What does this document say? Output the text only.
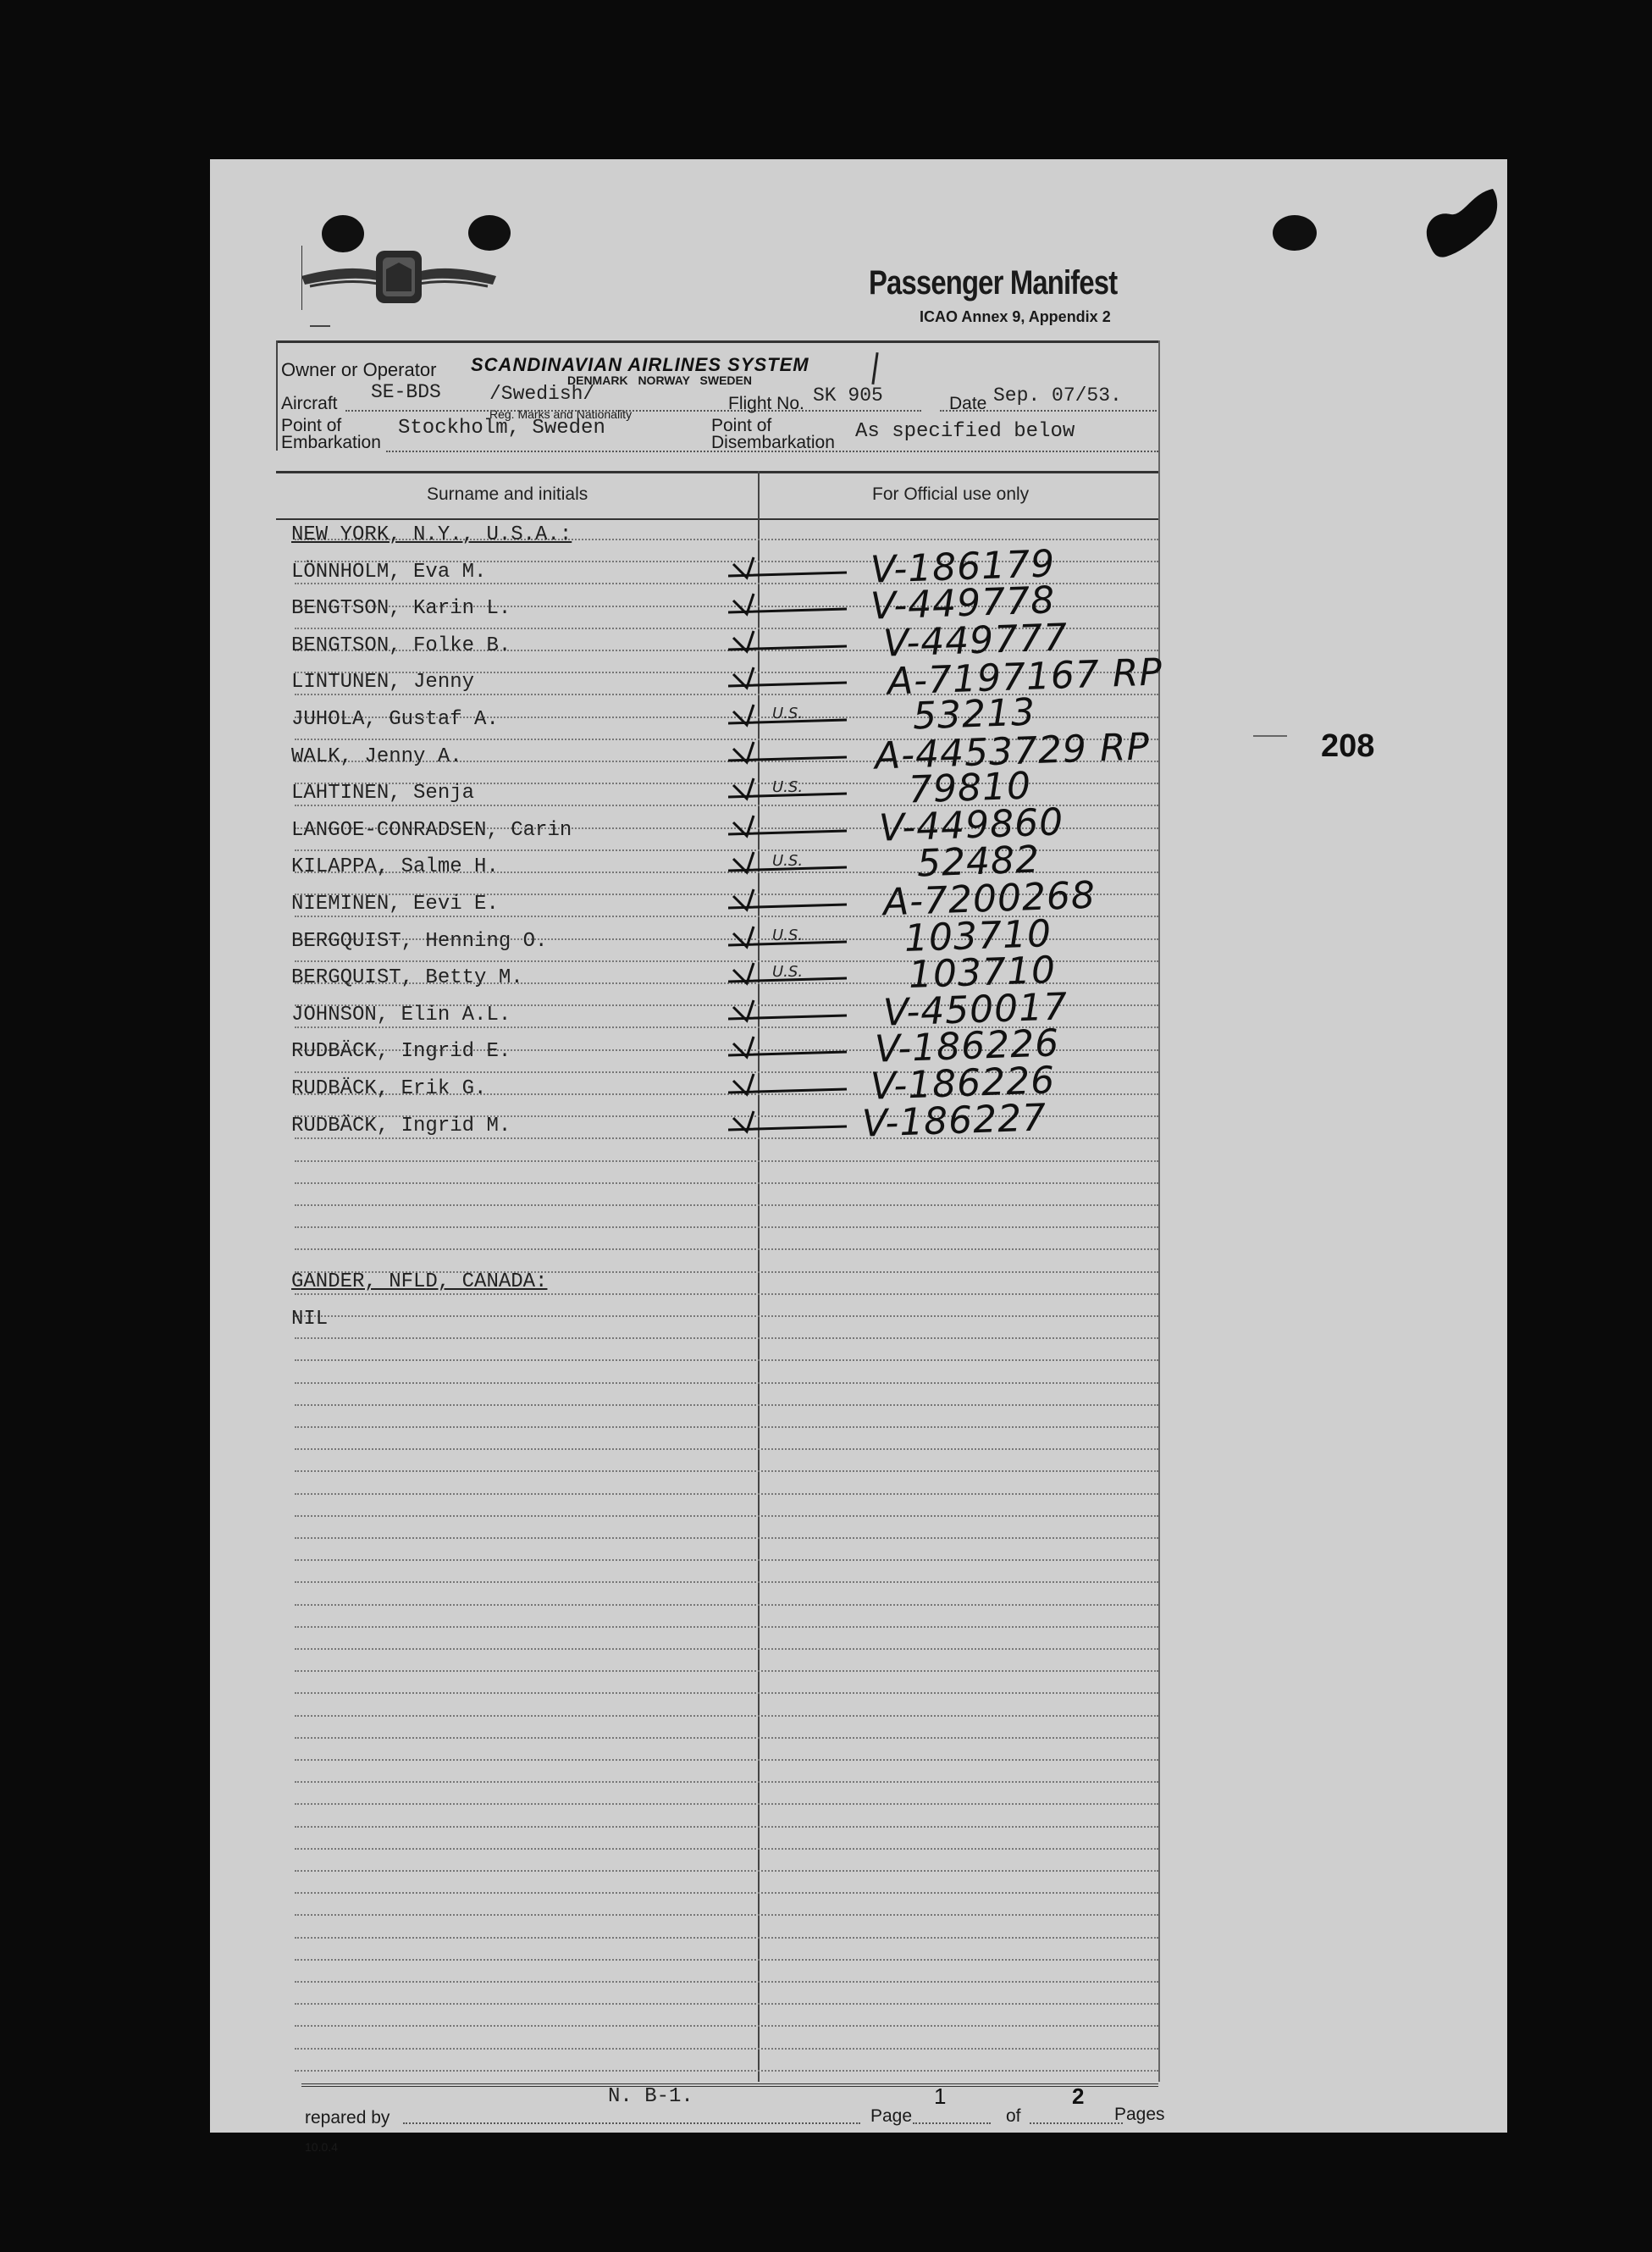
Passenger Manifest
ICAO Annex 9, Appendix 2
Owner or Operator SCANDINAVIAN AIRLINES SYSTEM
DENMARK NORWAY SWEDEN
Aircraft
SE-BDS /Swedish/
Reg. Marks and Nationality
Flight No. SK 905	Date Sep. 07/53.
Point of
Embarkation
Stockholm, Sweden	Point of
Disembarkation As specified below
Surname and initials	For Official use only
NEW YORK, N.Y., U.S.A.:
LÖNNHOLM, Eva M.	V-186179
BENGTSON, Karin L.	V-449778
BENGTSON, Folke B.	V-449777
LINTUNEN, Jenny	A-7197167 RP
JUHOLA, Gustaf A.	U.S.	53213
WALK, Jenny A.	A-4453729 RP
LAHTINEN, Senja	U.S.	79810
LANGOE-CONRADSEN, Carin	V-449860
KILAPPA, Salme H.	U.S.	52482
NIEMINEN, Eevi E.	A-7200268
BERGQUIST, Henning O.	U.S.	103710
BERGQUIST, Betty M.	U.S.	103710
JOHNSON, Elin A.L.	V-450017
RUDBÄCK, Ingrid E.	V-186226
RUDBÄCK, Erik G.	V-186226
RUDBÄCK, Ingrid M.	V-186227
GANDER, NFLD, CANADA:
NIL
208
N. B-1.
repared by	Page
1
of
2
Pages
10.0.4
